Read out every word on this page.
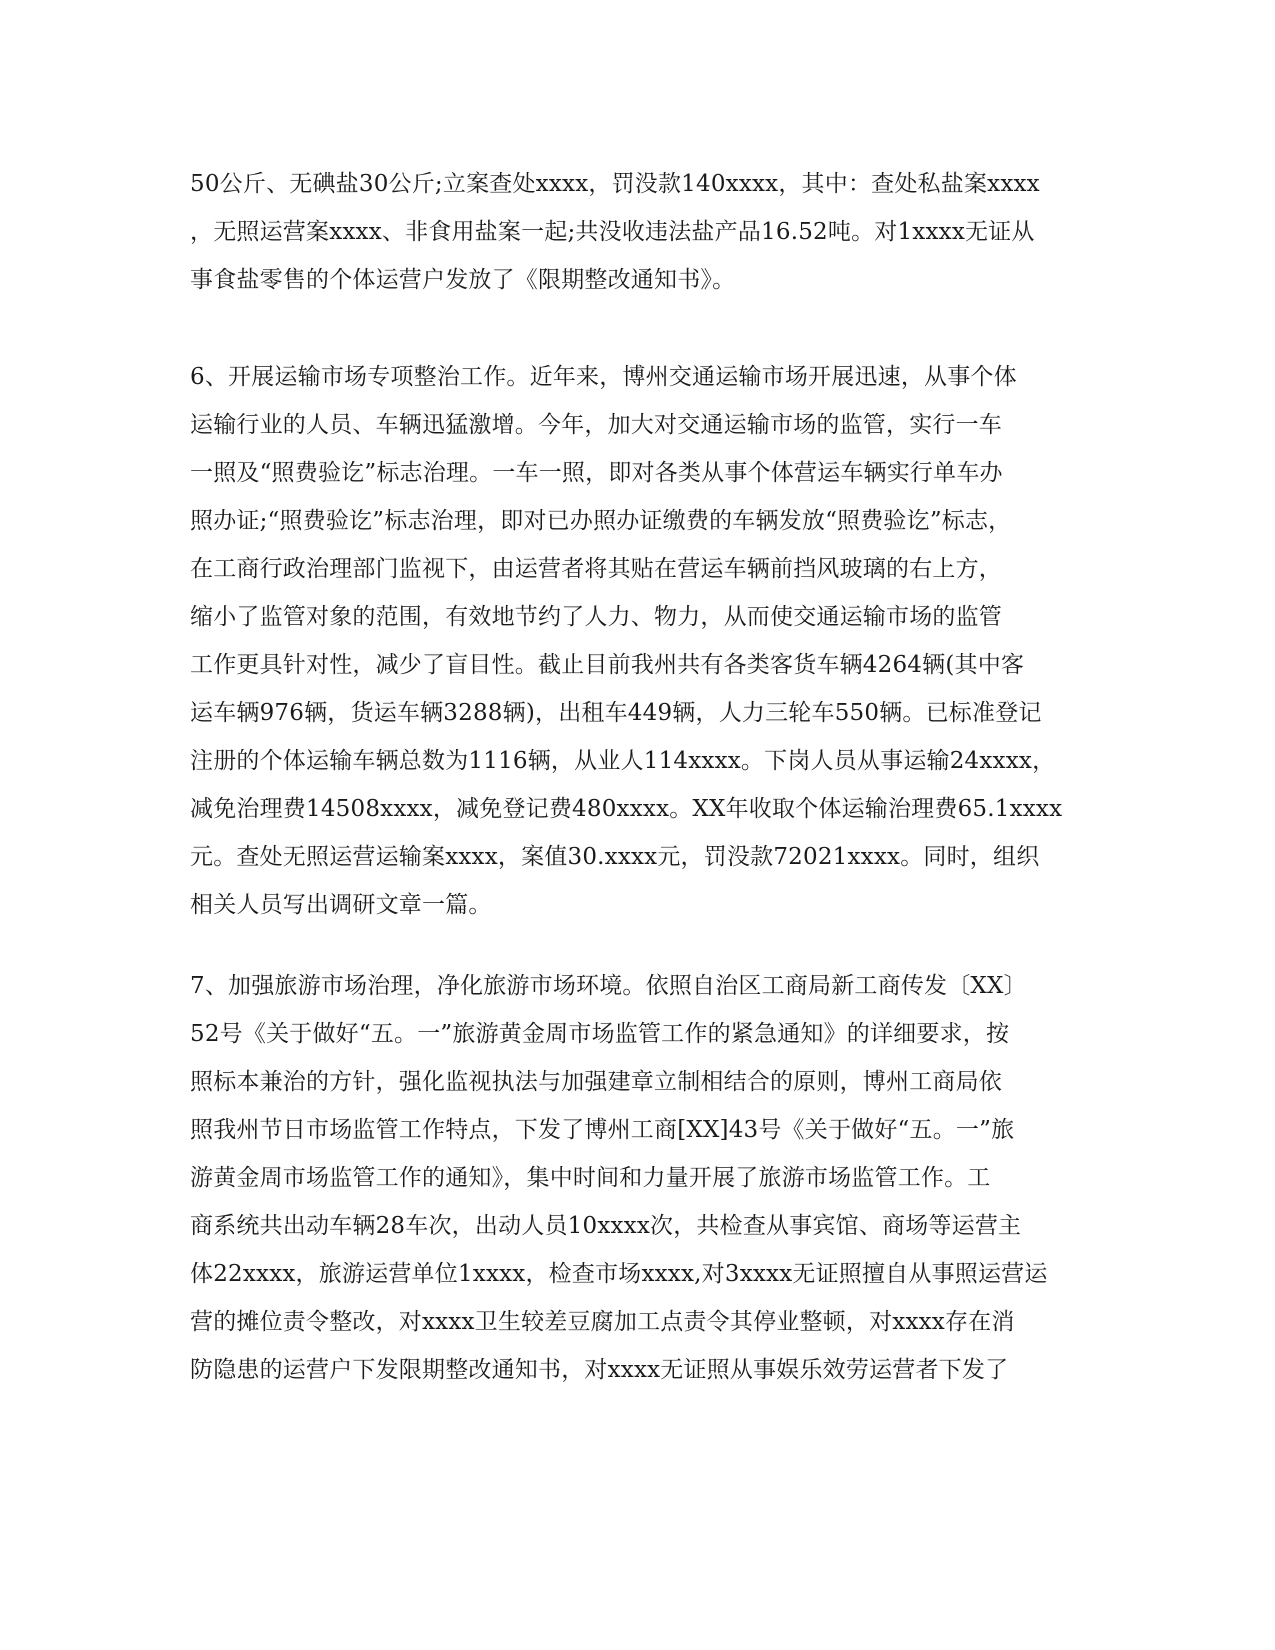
50公斤、无碘盐30公斤;立案查处xxxx，罚没款140xxxx，其中：查处私盐案xxxx
，无照运营案xxxx、非食用盐案一起;共没收违法盐产品16.52吨。对1xxxx无证从
事食盐零售的个体运营户发放了《限期整改通知书》。
6、开展运输市场专项整治工作。近年来，博州交通运输市场开展迅速，从事个体
运输行业的人员、车辆迅猛激增。今年，加大对交通运输市场的监管，实行一车
一照及“照费验讫”标志治理。一车一照，即对各类从事个体营运车辆实行单车办
照办证;“照费验讫”标志治理，即对已办照办证缴费的车辆发放“照费验讫”标志，
在工商行政治理部门监视下，由运营者将其贴在营运车辆前挡风玻璃的右上方，
缩小了监管对象的范围，有效地节约了人力、物力，从而使交通运输市场的监管
工作更具针对性，减少了盲目性。截止目前我州共有各类客货车辆4264辆(其中客
运车辆976辆，货运车辆3288辆)，出租车449辆，人力三轮车550辆。已标准登记
注册的个体运输车辆总数为1116辆，从业人114xxxx。下岗人员从事运输24xxxx，
减免治理费14508xxxx，减免登记费480xxxx。XX年收取个体运输治理费65.1xxxx
元。查处无照运营运输案xxxx，案值30.xxxx元，罚没款72021xxxx。同时，组织
相关人员写出调研文章一篇。
7、加强旅游市场治理，净化旅游市场环境。依照自治区工商局新工商传发〔XX〕
52号《关于做好“五。一”旅游黄金周市场监管工作的紧急通知》的详细要求，按
照标本兼治的方针，强化监视执法与加强建章立制相结合的原则，博州工商局依
照我州节日市场监管工作特点，下发了博州工商[XX]43号《关于做好“五。一”旅
游黄金周市场监管工作的通知》，集中时间和力量开展了旅游市场监管工作。工
商系统共出动车辆28车次，出动人员10xxxx次，共检查从事宾馆、商场等运营主
体22xxxx，旅游运营单位1xxxx，检查市场xxxx,对3xxxx无证照擅自从事照运营运
营的摊位责令整改，对xxxx卫生较差豆腐加工点责令其停业整顿，对xxxx存在消
防隐患的运营户下发限期整改通知书，对xxxx无证照从事娱乐效劳运营者下发了
